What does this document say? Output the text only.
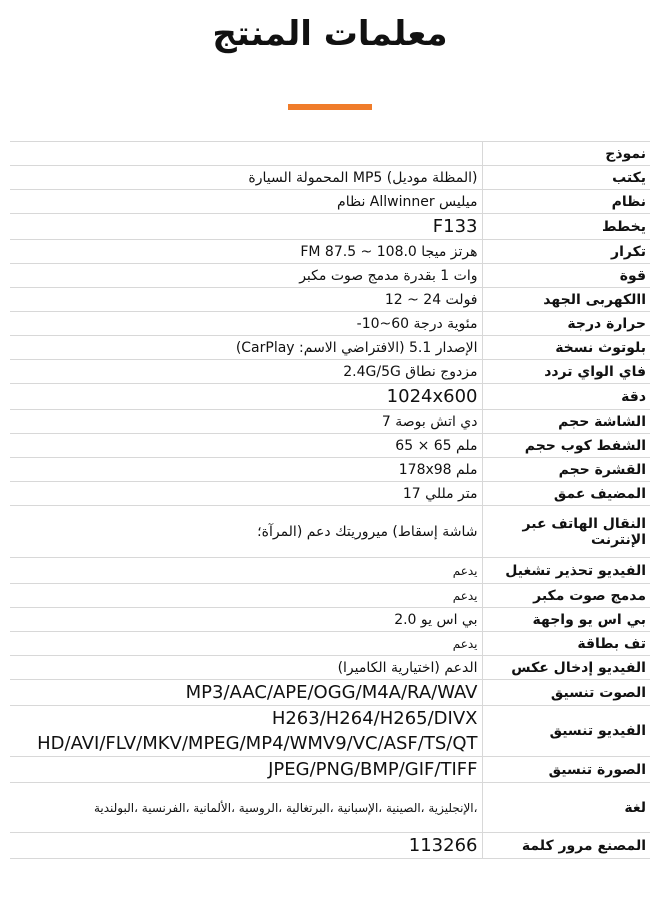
معلمات المنتج
نموذج	
يكتب	(المظلة موديل) MP5 المحمولة السيارة
نظام	ميليس Allwinner نظام
يخطط	F133
تكرار	هرتز ميجا 108.0 ~ FM 87.5
قوة	وات 1 بقدرة مدمج صوت مكبر
االكهربى الجهد	فولت 24 ~ 12
حرارة درجة	مئوية درجة 60~10-
بلوتوث نسخة	الإصدار 5.1 (الافتراضي الاسم: CarPlay)
فاي الواي تردد	مزدوج نطاق 2.4G/5G
دقة	1024x600
الشاشة حجم	دي اتش بوصة 7
الشفط كوب حجم	ملم 65 × 65
القشرة حجم	ملم 178x98
المضيف عمق	متر مللي 17
النقال الهاتف عبر الإنترنت	شاشة إسقاط) ميروريتك دعم (المرآة؛
الفيديو تحذير تشغيل	يدعم
مدمج صوت مكبر	يدعم
بي اس يو واجهة	بي اس يو 2.0
تف بطاقة	يدعم
الفيديو إدخال عكس	الدعم (اختيارية الكاميرا)
الصوت تنسيق	MP3/AAC/APE/OGG/M4A/RA/WAV
الفيديو تنسيق	H263/H264/H265/DIVX HD/AVI/FLV/MKV/MPEG/MP4/WMV9/VC/ASF/TS/QT
الصورة تنسيق	JPEG/PNG/BMP/GIF/TIFF
لغة	،الإنجليزية ،الصينية ،الإسبانية ،البرتغالية ،الروسية ،الألمانية ،الفرنسية ،البولندية
المصنع مرور كلمة	113266
